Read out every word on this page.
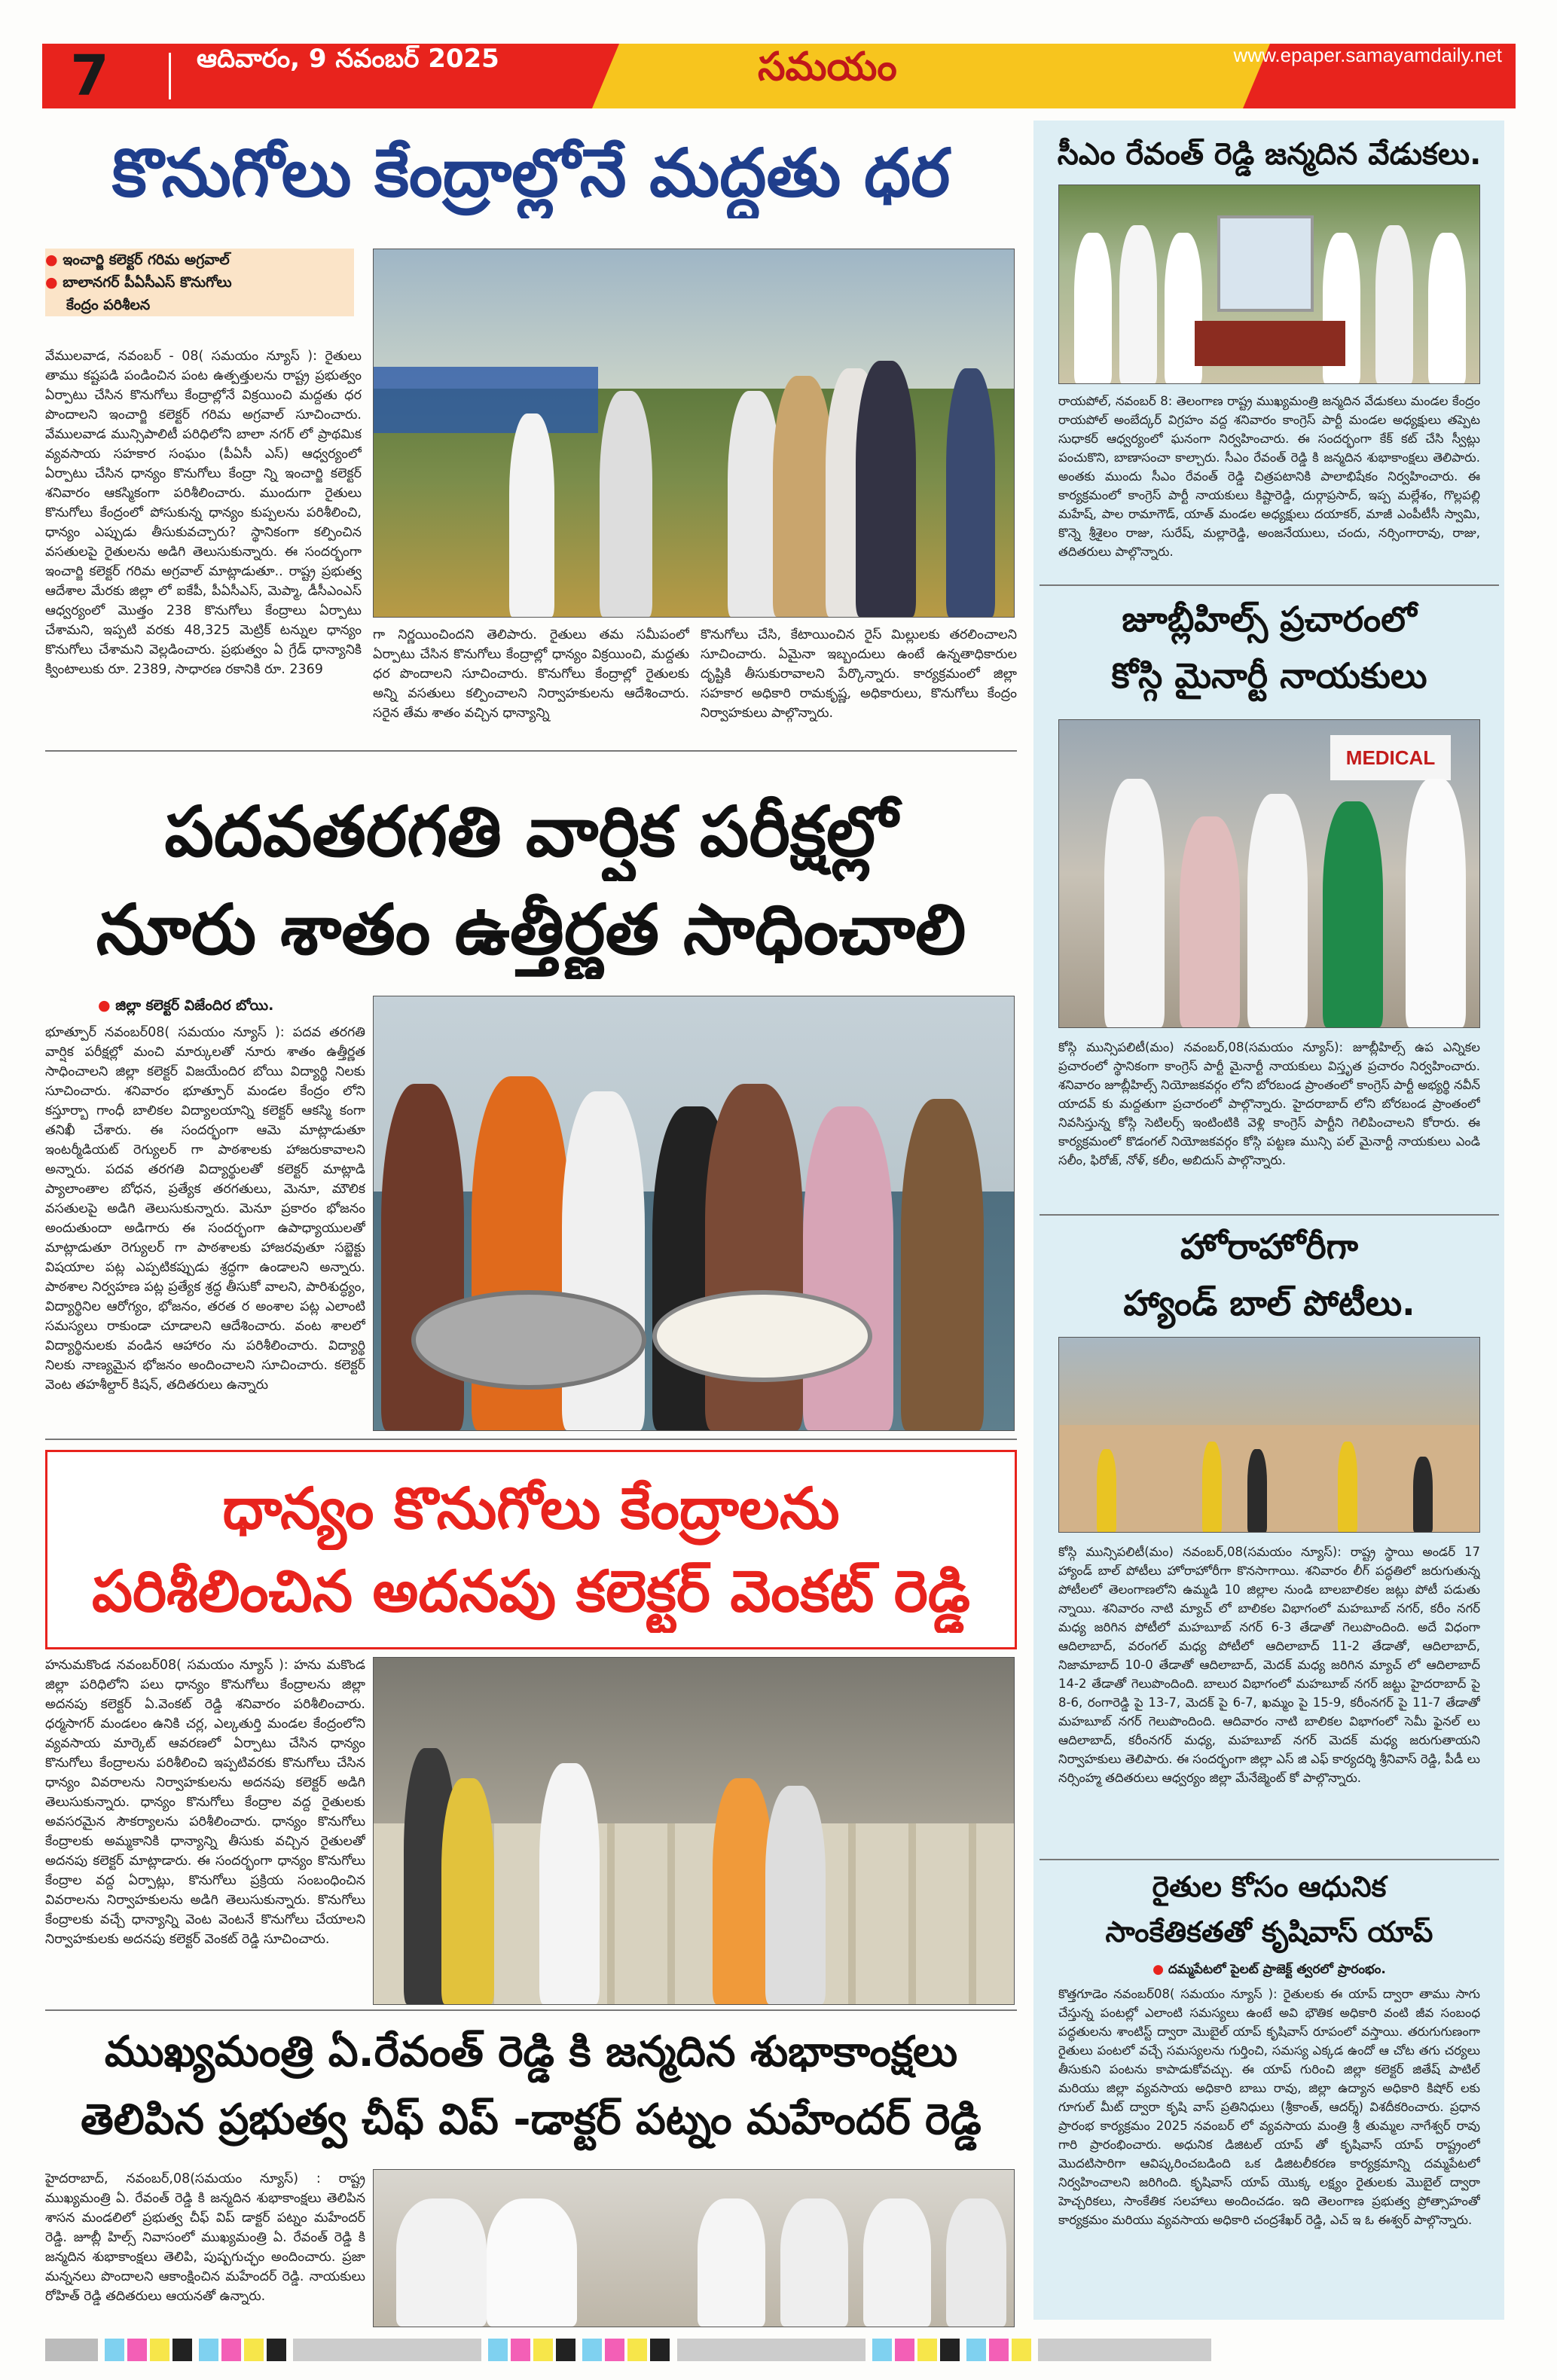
7	ఆదివారం, 9 నవంబర్ 2025	సమయం	www.epaper.samayamdaily.net
కొనుగోలు కేంద్రాల్లోనే మద్దతు ధర
● ఇంచార్జి కలెక్టర్ గరిమ అగ్రవాల్
● బాలానగర్ పీఏసీఎస్ కొనుగోలు
కేంద్రం పరిశీలన
వేములవాడ, నవంబర్ - 08( సమయం న్యూస్ ): రైతులు తాము కష్టపడి పండించిన పంట ఉత్పత్తులను రాష్ట్ర ప్రభుత్వం ఏర్పాటు చేసిన కొనుగోలు కేంద్రాల్లోనే విక్రయించి మద్దతు ధర పొందాలని ఇంచార్జి కలెక్టర్ గరిమ అగ్రవాల్ సూచించారు. వేములవాడ మున్సిపాలిటీ పరిధిలోని బాలా నగర్ లో ప్రాథమిక వ్యవసాయ సహకార సంఘం (పీఏసీ ఎస్) ఆధ్వర్యంలో ఏర్పాటు చేసిన ధాన్యం కొనుగోలు కేంద్రా న్ని ఇంచార్జి కలెక్టర్ శనివారం ఆకస్మికంగా పరిశీలించారు. ముందుగా రైతులు కొనుగోలు కేంద్రంలో పోసుకున్న ధాన్యం కుప్పలను పరిశీలించి, ధాన్యం ఎప్పుడు తీసుకువచ్చారు? స్థానికంగా కల్పించిన వసతులపై రైతులను అడిగి తెలుసుకున్నారు. ఈ సందర్భంగా ఇంచార్జి కలెక్టర్ గరిమ అగ్రవాల్ మాట్లాడుతూ.. రాష్ట్ర ప్రభుత్వ ఆదేశాల మేరకు జిల్లా లో ఐకేపీ, పీఏసీఎస్, మెప్మా, డీసీఎంఎస్ ఆధ్వర్యంలో మొత్తం 238 కొనుగోలు కేంద్రాలు ఏర్పాటు చేశామని, ఇప్పటి వరకు 48,325 మెట్రిక్ టన్నుల ధాన్యం కొనుగోలు చేశామని వెల్లడించారు. ప్రభుత్వం ఏ గ్రేడ్ ధాన్యానికి క్వింటాలుకు రూ. 2389, సాధారణ రకానికి రూ. 2369
గా నిర్ణయించిందని తెలిపారు. రైతులు తమ సమీపంలో ఏర్పాటు చేసిన కొనుగోలు కేంద్రాల్లో ధాన్యం విక్రయించి, మద్దతు ధర పొందాలని సూచించారు. కొనుగోలు కేంద్రాల్లో రైతులకు అన్ని వసతులు కల్పించాలని నిర్వాహకులను ఆదేశించారు. సరైన తేమ శాతం వచ్చిన ధాన్యాన్ని
కొనుగోలు చేసి, కేటాయించిన రైస్ మిల్లులకు తరలించాలని సూచించారు. ఏమైనా ఇబ్బందులు ఉంటే ఉన్నతాధికారుల దృష్టికి తీసుకురావాలని పేర్కొన్నారు. కార్యక్రమంలో జిల్లా సహకార అధికారి రామకృష్ణ, అధికారులు, కొనుగోలు కేంద్రం నిర్వాహకులు పాల్గొన్నారు.
పదవతరగతి వార్షిక పరీక్షల్లో
నూరు శాతం ఉత్తీర్ణత సాధించాలి
● జిల్లా కలెక్టర్ విజేందిర బోయి.
భూత్పూర్ నవంబర్08( సమయం న్యూస్ ): పదవ తరగతి వార్షిక పరీక్షల్లో మంచి మార్కులతో నూరు శాతం ఉత్తీర్ణత సాధించాలని జిల్లా కలెక్టర్ విజయేందిర బోయి విద్యార్థి నిలకు సూచించారు. శనివారం భూత్పూర్ మండల కేంద్రం లోని కస్తూర్బా గాంధీ బాలికల విద్యాలయాన్ని కలెక్టర్ ఆకస్మి కంగా తనిఖీ చేశారు. ఈ సందర్భంగా ఆమె మాట్లాడుతూ ఇంటర్మీడియట్ రెగ్యులర్ గా పాఠశాలకు హాజరుకావాలని అన్నారు. పదవ తరగతి విద్యార్థులతో కలెక్టర్ మాట్లాడి ప్యాలాంతాల బోధన, ప్రత్యేక తరగతులు, మెనూ, మౌలిక వసతులపై అడిగి తెలుసుకున్నారు. మెనూ ప్రకారం భోజనం అందుతుందా అడిగారు ఈ సందర్భంగా ఉపాధ్యాయులతో మాట్లాడుతూ రెగ్యులర్ గా పాఠశాలకు హాజరవుతూ సబ్జెక్టు విషయాల పట్ల ఎప్పటికప్పుడు శ్రద్ధగా ఉండాలని అన్నారు. పాఠశాల నిర్వహణ పట్ల ప్రత్యేక శ్రద్ధ తీసుకో వాలని, పారిశుద్ధ్యం, విద్యార్థినిల ఆరోగ్యం, భోజనం, తరత ర అంశాల పట్ల ఎలాంటి సమస్యలు రాకుండా చూడాలని ఆదేశించారు. వంట శాలలో విద్యార్థినులకు వండిన ఆహారం ను పరిశీలించారు. విద్యార్థి నిలకు నాణ్యమైన భోజనం అందించాలని సూచించారు. కలెక్టర్ వెంట తహశీల్దార్ కిషన్, తదితరులు ఉన్నారు
ధాన్యం కొనుగోలు కేంద్రాలను
పరిశీలించిన అదనపు కలెక్టర్ వెంకట్ రెడ్డి
హనుమకొండ నవంబర్08( సమయం న్యూస్ ): హను మకొండ జిల్లా పరిధిలోని పలు ధాన్యం కొనుగోలు కేంద్రాలను జిల్లా అదనపు కలెక్టర్ ఏ.వెంకట్ రెడ్డి శనివారం పరిశీలించారు. ధర్మసాగర్ మండలం ఉనికి చర్ల, ఎల్కతుర్తి మండల కేంద్రంలోని వ్యవసాయ మార్కెట్ ఆవరణలో ఏర్పాటు చేసిన ధాన్యం కొనుగోలు కేంద్రాలను పరిశీలించి ఇప్పటివరకు కొనుగోలు చేసిన ధాన్యం వివరాలను నిర్వాహకులను అదనపు కలెక్టర్ అడిగి తెలుసుకున్నారు. ధాన్యం కొనుగోలు కేంద్రాల వద్ద రైతులకు అవసరమైన సౌకర్యాలను పరిశీలించారు. ధాన్యం కొనుగోలు కేంద్రాలకు అమ్మకానికి ధాన్యాన్ని తీసుకు వచ్చిన రైతులతో అదనపు కలెక్టర్ మాట్లాడారు. ఈ సందర్భంగా ధాన్యం కొనుగోలు కేంద్రాల వద్ద ఏర్పాట్లు, కొనుగోలు ప్రక్రియ సంబంధించిన వివరాలను నిర్వాహకులను అడిగి తెలుసుకున్నారు. కొనుగోలు కేంద్రాలకు వచ్చే ధాన్యాన్ని వెంట వెంటనే కొనుగోలు చేయాలని నిర్వాహకులకు అదనపు కలెక్టర్ వెంకట్ రెడ్డి సూచించారు.
ముఖ్యమంత్రి ఏ.రేవంత్ రెడ్డి కి జన్మదిన శుభాకాంక్షలు
తెలిపిన ప్రభుత్వ చీఫ్ విప్ -డాక్టర్ పట్నం మహేందర్ రెడ్డి
హైదరాబాద్, నవంబర్,08(సమయం న్యూస్) : రాష్ట్ర ముఖ్యమంత్రి ఏ. రేవంత్ రెడ్డి కి జన్మదిన శుభాకాంక్షలు తెలిపిన శాసన మండలిలో ప్రభుత్వ చీఫ్ విప్ డాక్టర్ పట్నం మహేందర్ రెడ్డి. జూబ్లీ హిల్స్ నివాసంలో ముఖ్యమంత్రి ఏ. రేవంత్ రెడ్డి కి జన్మదిన శుభాకాంక్షలు తెలిపి, పుష్పగుచ్ఛం అందించారు. ప్రజా మన్ననలు పొందాలని ఆకాంక్షించిన మహేందర్ రెడ్డి. నాయకులు రోహిత్ రెడ్డి తదితరులు ఆయనతో ఉన్నారు.
సీఎం రేవంత్ రెడ్డి జన్మదిన వేడుకలు.
రాయపోల్, నవంబర్ 8: తెలంగాణ రాష్ట్ర ముఖ్యమంత్రి జన్మదిన వేడుకలు మండల కేంద్రం రాయపోల్ అంబేద్కర్ విగ్రహం వద్ద శనివారం కాంగ్రెస్ పార్టీ మండల అధ్యక్షులు తప్పెట సుధాకర్ ఆధ్వర్యంలో ఘనంగా నిర్వహించారు. ఈ సందర్భంగా కేక్ కట్ చేసి స్వీట్లు పంచుకొని, బాణాసంచా కాల్చారు. సీఎం రేవంత్ రెడ్డి కి జన్మదిన శుభాకాంక్షలు తెలిపారు. అంతకు ముందు సీఎం రేవంత్ రెడ్డి చిత్రపటానికి పాలాభిషేకం నిర్వహించారు. ఈ కార్యక్రమంలో కాంగ్రెస్ పార్టీ నాయకులు కిష్టారెడ్డి, దుర్గాప్రసాద్, ఇప్ప మల్లేశం, గొల్లపల్లి మహేష్, పాల రామాగౌడ్, యాత్ మండల అధ్యక్షులు దయాకర్, మాజీ ఎంపీటీసీ స్వామి, కొన్నె శ్రీశైలం రాజు, సురేష్, మల్లారెడ్డి, అంజనేయులు, చందు, నర్సింగారావు, రాజు, తదితరులు పాల్గొన్నారు.
జూబ్లీహిల్స్ ప్రచారంలో
కోస్గి మైనార్టీ నాయకులు
MEDICAL
కోస్గి మున్సిపలిటీ(మం) నవంబర్,08(సమయం న్యూస్): జూబ్లీహిల్స్ ఉప ఎన్నికల ప్రచారంలో స్థానికంగా కాంగ్రెస్ పార్టీ మైనార్టీ నాయకులు విస్తృత ప్రచారం నిర్వహించారు. శనివారం జూబ్లీహిల్స్ నియోజకవర్గం లోని బోరబండ ప్రాంతంలో కాంగ్రెస్ పార్టీ అభ్యర్థి నవీన్ యాదవ్ కు మద్దతుగా ప్రచారంలో పాల్గొన్నారు. హైదరాబాద్ లోని బోరబండ ప్రాంతంలో నివసిస్తున్న కోస్గి సెటిలర్స్ ఇంటింటికి వెళ్లి కాంగ్రెస్ పార్టీని గెలిపించాలని కోరారు. ఈ కార్యక్రమంలో కొడంగల్ నియోజకవర్గం కోస్గి పట్టణ మున్సి పల్ మైనార్టీ నాయకులు ఎండి సలీం, ఫిరోజ్, నోళ్, కలీం, అబిదుస్ పాల్గొన్నారు.
హోరాహోరీగా
హ్యాండ్ బాల్ పోటీలు.
కోస్గి మున్సిపలిటీ(మం) నవంబర్,08(సమయం న్యూస్): రాష్ట్ర స్థాయి అండర్ 17 హ్యాండ్ బాల్ పోటీలు హోరాహోరీగా కొనసాగాయి. శనివారం లీగ్ పద్ధతిలో జరుగుతున్న పోటీలలో తెలంగాణలోని ఉమ్మడి 10 జిల్లాల నుండి బాలబాలికల జట్లు పోటీ పడుతు న్నాయి. శనివారం నాటి మ్యాచ్ లో బాలికల విభాగంలో మహబూబ్ నగర్, కరీం నగర్ మధ్య జరిగిన పోటీలో మహబూబ్ నగర్ 6-3 తేడాతో గెలుపొందింది. అదే విధంగా ఆదిలాబాద్, వరంగల్ మధ్య పోటీలో ఆదిలాబాద్ 11-2 తేడాతో, ఆదిలాబాద్, నిజామాబాద్ 10-0 తేడాతో ఆదిలాబాద్, మెదక్ మధ్య జరిగిన మ్యాచ్ లో ఆదిలాబాద్ 14-2 తేడాతో గెలుపొందింది. బాలుర విభాగంలో మహబూబ్ నగర్ జట్టు హైదరాబాద్ పై 8-6, రంగారెడ్డి పై 13-7, మెదక్ పై 6-7, ఖమ్మం పై 15-9, కరీంనగర్ పై 11-7 తేడాతో మహబూబ్ నగర్ గెలుపొందింది. ఆదివారం నాటి బాలికల విభాగంలో సెమీ ఫైనల్ లు ఆదిలాబాద్, కరీంనగర్ మధ్య, మహబూబ్ నగర్ మెదక్ మధ్య జరుగుతాయని నిర్వాహకులు తెలిపారు. ఈ సందర్భంగా జిల్లా ఎస్ జి ఎఫ్ కార్యదర్శి శ్రీనివాస్ రెడ్డి, పీడీ లు నర్సింహ్మ తదితరులు ఆధ్వర్యం జిల్లా మేనేజ్మెంట్ కో పాల్గొన్నారు.
రైతుల కోసం ఆధునిక
సాంకేతికతతో కృషివాస్ యాప్
● దమ్మపేటలో పైలట్ ప్రాజెక్ట్ త్వరలో ప్రారంభం.
కొత్తగూడెం నవంబర్08( సమయం న్యూస్ ): రైతులకు ఈ యాప్ ద్వారా తాము సాగు చేస్తున్న పంటల్లో ఎలాంటి సమస్యలు ఉంటే అవి భౌతిక అధికారి వంటి జీవ సంబంధ పద్ధతులను శాంటిస్ట్ ద్వారా మొబైల్ యాప్ కృషివాస్ రూపంలో వస్తాయి. తరుగుగుణంగా రైతులు పంటలో వచ్చే సమస్యలను గుర్తించి, సమస్య ఎక్కడ ఉందో ఆ చోట తగు చర్యలు తీసుకుని పంటను కాపాడుకోవచ్చు. ఈ యాప్ గురించి జిల్లా కలెక్టర్ జితేష్ పాటిల్ మరియు జిల్లా వ్యవసాయ అధికారి బాబు రావు, జిల్లా ఉద్యాన అధికారి కిషోర్ లకు గూగుల్ మీట్ ద్వారా కృషి వాస్ ప్రతినిధులు (శ్రీకాంత్, ఆదర్శ్) విశదీకరించారు. ప్రధాన ప్రారంభ కార్యక్రమం 2025 నవంబర్ లో వ్యవసాయ మంత్రి శ్రీ తుమ్మల నాగేశ్వర్ రావు గారి ప్రారంభించారు. అధునిక డిజిటల్ యాప్ తో కృషివాస్ యాప్ రాష్ట్రంలో మొదటిసారిగా ఆవిష్కరించబడింది ఒక డిజిటలీకరణ కార్యక్రమాన్ని దమ్మపేటలో నిర్వహించాలని జరిగింది. కృషివాస్ యాప్ యొక్క లక్ష్యం రైతులకు మొబైల్ ద్వారా హెచ్చరికలు, సాంకేతిక సలహాలు అందించడం. ఇది తెలంగాణ ప్రభుత్వ ప్రోత్సాహంతో కార్యక్రమం మరియు వ్యవసాయ అధికారి చంద్రశేఖర్ రెడ్డి, ఎచ్ ఇ ఓ ఈశ్వర్ పాల్గొన్నారు.
